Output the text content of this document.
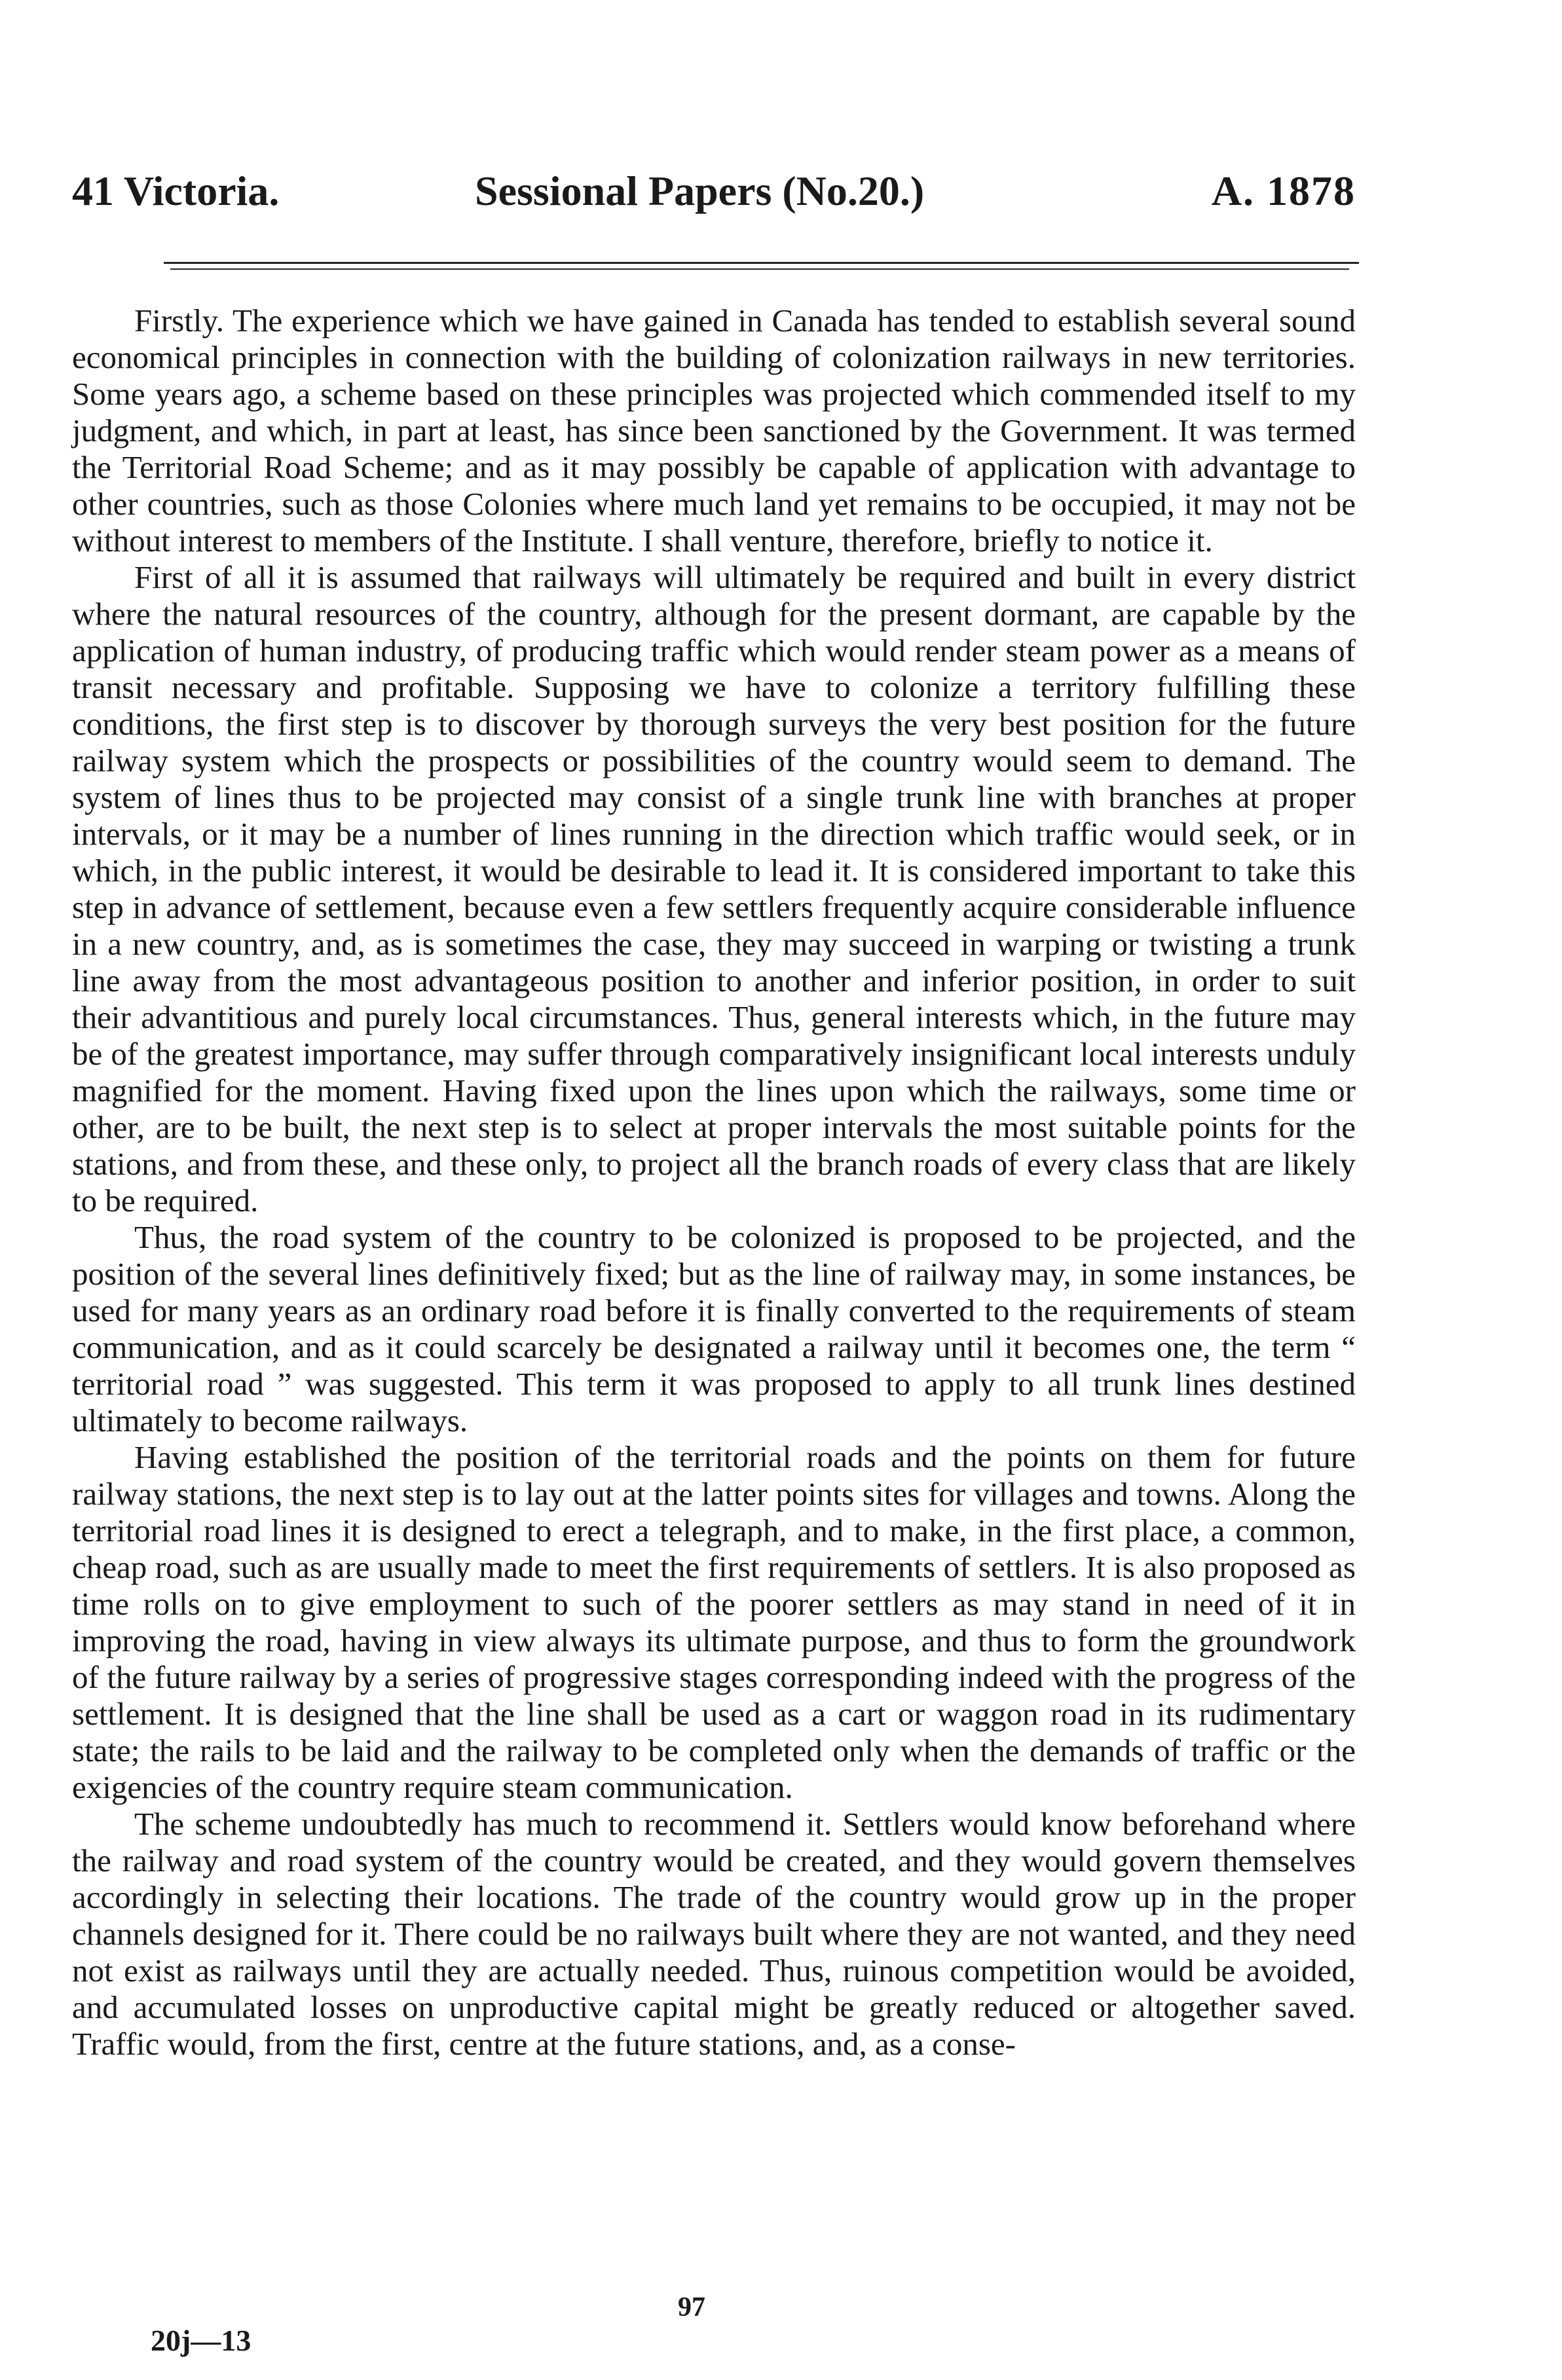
41 Victoria.	Sessional Papers (No.20.)	A. 1878

Firstly. The experience which we have gained in Canada has tended to establish several sound economical principles in connection with the building of colonization railways in new territories. Some years ago, a scheme based on these principles was projected which commended itself to my judgment, and which, in part at least, has since been sanctioned by the Government. It was termed the Territorial Road Scheme; and as it may possibly be capable of application with advantage to other countries, such as those Colonies where much land yet remains to be occupied, it may not be without interest to members of the Institute. I shall venture, therefore, briefly to notice it.

First of all it is assumed that railways will ultimately be required and built in every district where the natural resources of the country, although for the present dormant, are capable by the application of human industry, of producing traffic which would render steam power as a means of transit necessary and profitable. Supposing we have to colonize a territory fulfilling these conditions, the first step is to discover by thorough surveys the very best position for the future railway system which the prospects or possibilities of the country would seem to demand. The system of lines thus to be projected may consist of a single trunk line with branches at proper intervals, or it may be a number of lines running in the direction which traffic would seek, or in which, in the public interest, it would be desirable to lead it. It is considered important to take this step in advance of settlement, because even a few settlers frequently acquire considerable influence in a new country, and, as is sometimes the case, they may succeed in warping or twisting a trunk line away from the most advantageous position to another and inferior position, in order to suit their advantitious and purely local circumstances. Thus, general interests which, in the future may be of the greatest importance, may suffer through comparatively insignificant local interests unduly magnified for the moment. Having fixed upon the lines upon which the railways, some time or other, are to be built, the next step is to select at proper intervals the most suitable points for the stations, and from these, and these only, to project all the branch roads of every class that are likely to be required.

Thus, the road system of the country to be colonized is proposed to be projected, and the position of the several lines definitively fixed; but as the line of railway may, in some instances, be used for many years as an ordinary road before it is finally converted to the requirements of steam communication, and as it could scarcely be designated a railway until it becomes one, the term “ territorial road ” was suggested. This term it was proposed to apply to all trunk lines destined ultimately to become railways.

Having established the position of the territorial roads and the points on them for future railway stations, the next step is to lay out at the latter points sites for villages and towns. Along the territorial road lines it is designed to erect a telegraph, and to make, in the first place, a common, cheap road, such as are usually made to meet the first requirements of settlers. It is also proposed as time rolls on to give employment to such of the poorer settlers as may stand in need of it in improving the road, having in view always its ultimate purpose, and thus to form the groundwork of the future railway by a series of progressive stages corresponding indeed with the progress of the settlement. It is designed that the line shall be used as a cart or waggon road in its rudimentary state; the rails to be laid and the railway to be completed only when the demands of traffic or the exigencies of the country require steam communication.

The scheme undoubtedly has much to recommend it. Settlers would know beforehand where the railway and road system of the country would be created, and they would govern themselves accordingly in selecting their locations. The trade of the country would grow up in the proper channels designed for it. There could be no railways built where they are not wanted, and they need not exist as railways until they are actually needed. Thus, ruinous competition would be avoided, and accumulated losses on unproductive capital might be greatly reduced or altogether saved. Traffic would, from the first, centre at the future stations, and, as a conse-

97
20j—13
